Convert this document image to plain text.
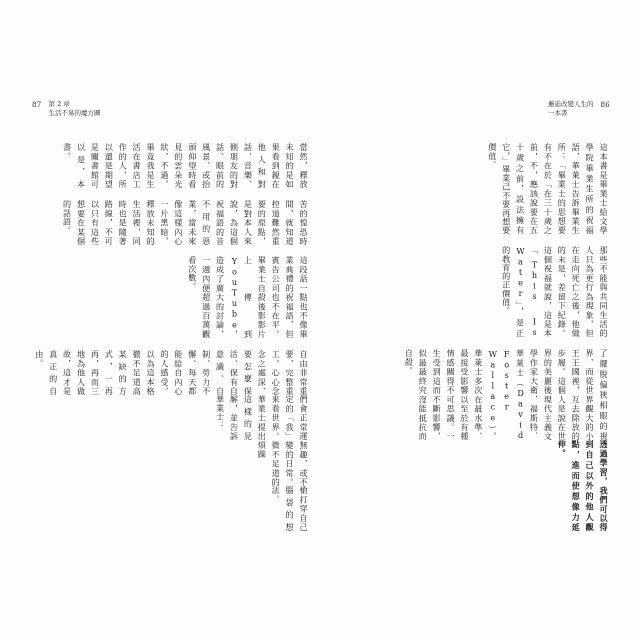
87 第 2 章
生活不易的魔方圖
邂逅改變人生的
一本書
86
槍打穿自己腦袋的想法。
無趣，或不變的日常。微不足道的煩躁
們會正常運定的「我」來看世界。華業士提出這樣的見解，並告訴華業士：
自由非常重要，完整重工。心心念念之處深、要怎麼保活、保有自意識、自制、勞力不懈、每天都能給自內心的人感受，以為這本格徹不足道高某缺的方式，一再再，再而三地為他人做故，這才是真正的自由。
這段話一點也不像畢業典禮的祝福語，但賓告公司也不在平。畢業士自殺後影影片上傳到 YouTube，造成了廣大的討論，一週內便超過百萬觀看次數。
苦的惶恐時間，就知道控道難然重要的原點，是對本人來說，為這個祝福語的音不用的惡業，當未來像這樣內心一片黑暗，釋放未知的生活裡，同時也是隨著路線，不可以只有這些想要在某個的話語。
當然，釋放未知的是如果看到親在他人和對話、音樂、側朋友的對話、眼前的風景、或抬頭仰望時看見的雲朵光狀，不過，畢竟我是生活在書店工作的人，所以還是期望是關書館可以是，本書。
透過學習，我們可以得到自己以外的他人觀點，進而使想像力延伸。
了擺脫偏狹相眼的視界，而從世界觀大的小王王國裡，互去除放的步履。這個人是說在世界的美麗後現代主義文學作家大衛．福斯特．華萊士（David Foster Wallace），華萊士多次在最水準、最接受影響以至於有種情感關得不可思議。一生受到這而不斷影響，似最最終究沒能抵抗而自殺。
那些不能與共同生活的人只為更行為現象，但在走向死亡之後，他做的未是，差留下紀錄。這個祝福就說，這是本「This Is Water」，是正的教育的正價值。
這本書是畢業士給文學學院畢業生所的祝福語，華萊士告訴畢業生所：「畢業士的思想要有不在於「在三十歲之前，不，應該說要在五十歲之前，設法擁有它，」畢業己不要再想要價值。
